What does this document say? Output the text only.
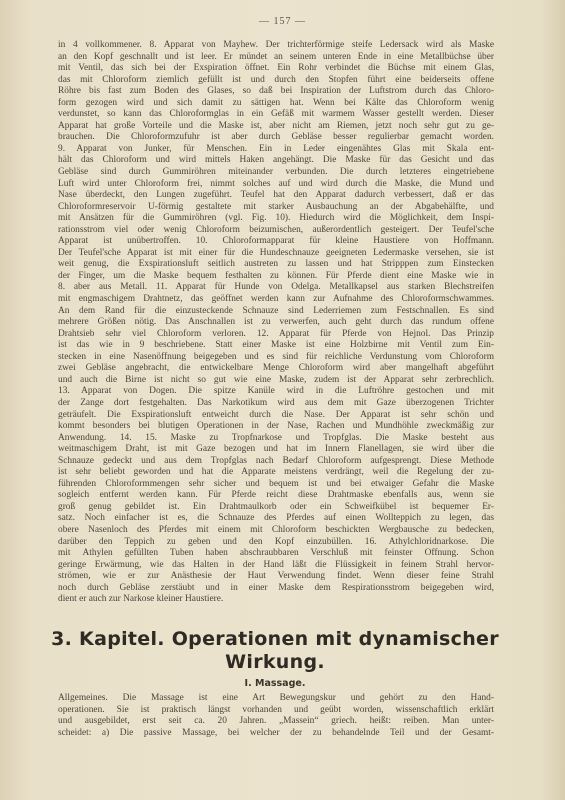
— 157 —
in 4 vollkommener. 8. Apparat von Mayhew. Der trichterförmige steife Ledersack wird als Maske
an den Kopf geschnallt und ist leer. Er mündet an seinem unteren Ende in eine Metallbüchse über
mit Ventil, das sich bei der Exspiration öffnet. Ein Rohr verbindet die Büchse mit einem Glas,
das mit Chloroform ziemlich gefüllt ist und durch den Stopfen führt eine beiderseits offene
Röhre bis fast zum Boden des Glases, so daß bei Inspiration der Luftstrom durch das Chloro-
form gezogen wird und sich damit zu sättigen hat. Wenn bei Kälte das Chloroform wenig
verdunstet, so kann das Chloroformglas in ein Gefäß mit warmem Wasser gestellt werden. Dieser
Apparat hat große Vorteile und die Maske ist, aber nicht am Riemen, jetzt noch sehr gut zu ge-
brauchen. Die Chloroformzufuhr ist aber durch Gebläse besser regulierbar gemacht worden.
9. Apparat von Junker, für Menschen. Ein in Leder eingenähtes Glas mit Skala ent-
hält das Chloroform und wird mittels Haken angehängt. Die Maske für das Gesicht und das
Gebläse sind durch Gummiröhren miteinander verbunden. Die durch letzteres eingetriebene
Luft wird unter Chloroform frei, nimmt solches auf und wird durch die Maske, die Mund und
Nase überdeckt, den Lungen zugeführt. Teufel hat den Apparat dadurch verbessert, daß er das
Chloroformreservoir U-förmig gestaltete mit starker Ausbauchung an der Abgabehälfte, und
mit Ansätzen für die Gummiröhren (vgl. Fig. 10). Hiedurch wird die Möglichkeit, dem Inspi-
rationsstrom viel oder wenig Chloroform beizumischen, außerordentlich gesteigert. Der Teufel'sche
Apparat ist unübertroffen. 10. Chloroformapparat für kleine Haustiere von Hoffmann.
Der Teufel'sche Apparat ist mit einer für die Hundeschnauze geeigneten Ledermaske versehen, sie ist
weit genug, die Exspirationsluft seitlich austreten zu lassen und hat Stripppen zum Einstecken
der Finger, um die Maske bequem festhalten zu können. Für Pferde dient eine Maske wie in
8. aber aus Metall. 11. Apparat für Hunde von Odelga. Metallkapsel aus starken Blechstreifen
mit engmaschigem Drahtnetz, das geöffnet werden kann zur Aufnahme des Chloroformschwammes.
An dem Rand für die einzusteckende Schnauze sind Lederriemen zum Festschnallen. Es sind
mehrere Größen nötig. Das Anschnallen ist zu verwerfen, auch geht durch das rundum offene
Drahtsieb sehr viel Chloroform verloren. 12. Apparat für Pferde von Hejnol. Das Prinzip
ist das wie in 9 beschriebene. Statt einer Maske ist eine Holzbirne mit Ventil zum Ein-
stecken in eine Nasenöffnung beigegeben und es sind für reichliche Verdunstung vom Chloroform
zwei Gebläse angebracht, die entwickelbare Menge Chloroform wird aber mangelhaft abgeführt
und auch die Birne ist nicht so gut wie eine Maske, zudem ist der Apparat sehr zerbrechlich.
13. Apparat von Dogen. Die spitze Kanüle wird in die Luftröhre gestochen und mit
der Zange dort festgehalten. Das Narkotikum wird aus dem mit Gaze überzogenen Trichter
geträufelt. Die Exspirationsluft entweicht durch die Nase. Der Apparat ist sehr schön und
kommt besonders bei blutigen Operationen in der Nase, Rachen und Mundhöhle zweckmäßig zur
Anwendung. 14. 15. Maske zu Tropfnarkose und Tropfglas. Die Maske besteht aus
weitmaschigem Draht, ist mit Gaze bezogen und hat im Innern Flanellagen, sie wird über die
Schnauze gedeckt und aus dem Tropfglas nach Bedarf Chloroform aufgesprengt. Diese Methode
ist sehr beliebt geworden und hat die Apparate meistens verdrängt, weil die Regelung der zu-
führenden Chloroformmengen sehr sicher und bequem ist und bei etwaiger Gefahr die Maske
sogleich entfernt werden kann. Für Pferde reicht diese Drahtmaske ebenfalls aus, wenn sie
groß genug gebildet ist. Ein Drahtmaulkorb oder ein Schweifkübel ist bequemer Er-
satz. Noch einfacher ist es, die Schnauze des Pferdes auf einen Wollteppich zu legen, das
obere Nasenloch des Pferdes mit einem mit Chloroform beschickten Wergbausche zu bedecken,
darüber den Teppich zu geben und den Kopf einzubüllen. 16. Äthylchloridnarkose. Die
mit Äthylen gefüllten Tuben haben abschraubbaren Verschluß mit feinster Öffnung. Schon
geringe Erwärmung, wie das Halten in der Hand läßt die Flüssigkeit in feinem Strahl hervor-
strömen, wie er zur Anästhesie der Haut Verwendung findet. Wenn dieser feine Strahl
noch durch Gebläse zerstäubt und in einer Maske dem Respirationsstrom beigegeben wird,
dient er auch zur Narkose kleiner Haustiere.
3. Kapitel. Operationen mit dynamischer
Wirkung.
I. Massage.
Allgemeines. Die Massage ist eine Art Bewegungskur und gehört zu den Hand-
operationen. Sie ist praktisch längst vorhanden und geübt worden, wissenschaftlich erklärt
und ausgebildet, erst seit ca. 20 Jahren. „Massein“ griech. heißt: reiben. Man unter-
scheidet: a) Die passive Massage, bei welcher der zu behandelnde Teil und der Gesamt-
